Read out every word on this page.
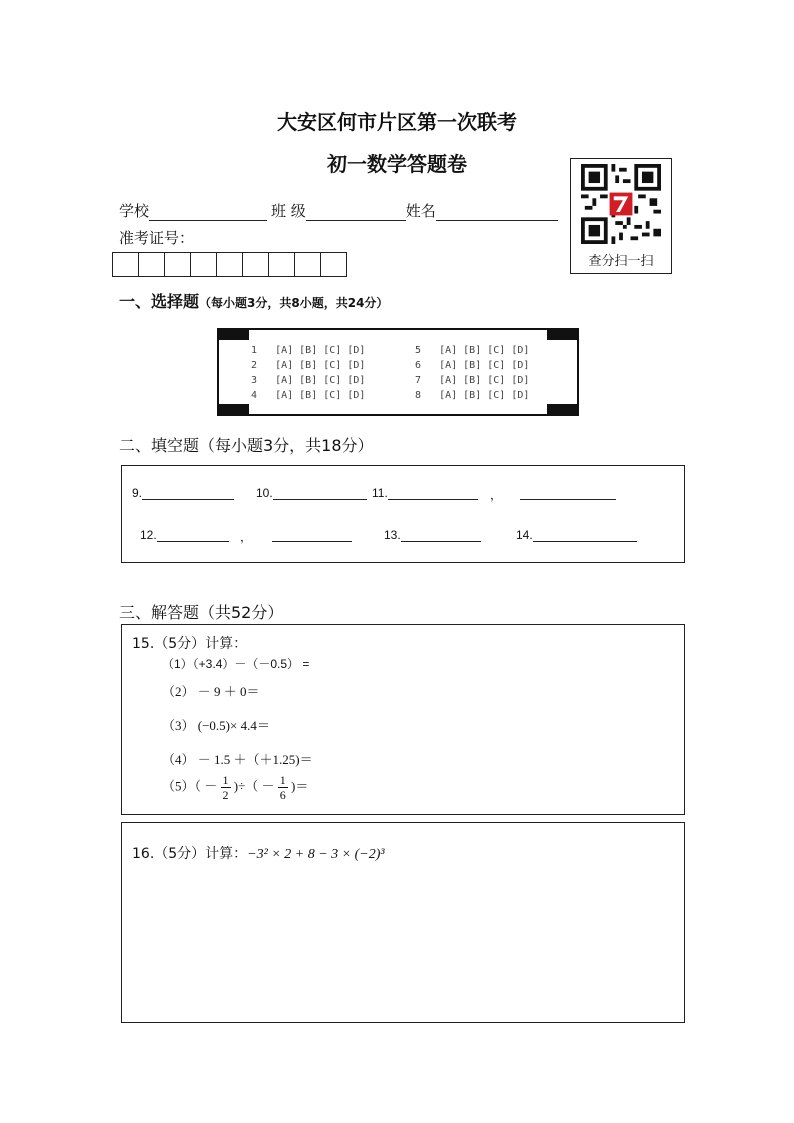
大安区何市片区第一次联考
初一数学答题卷
学校	班 级	姓名
准考证号：
查分扫一扫
一、选择题（每小题3分，共8小题，共24分）
1   [A] [B] [C] [D]
2   [A] [B] [C] [D]
3   [A] [B] [C] [D]
4   [A] [B] [C] [D]
5   [A] [B] [C] [D]
6   [A] [B] [C] [D]
7   [A] [B] [C] [D]
8   [A] [B] [C] [D]
二、填空题（每小题3分，共18分）
9.	10.	11.	，
12.	，	13.	14.
三、解答题（共52分）
15.（5分）计算：
（1）（+3.4）－（－0.5） =
（2） － 9 ＋ 0＝
（3） (−0.5)× 4.4＝
（4） － 1.5 ＋（＋1.25)＝
$(5)( - \frac{1}{2}$ )÷（ － $\frac{1}{6}$ )＝
16.（5分）计算：−3² × 2 + 8 − 3 × (−2)³
